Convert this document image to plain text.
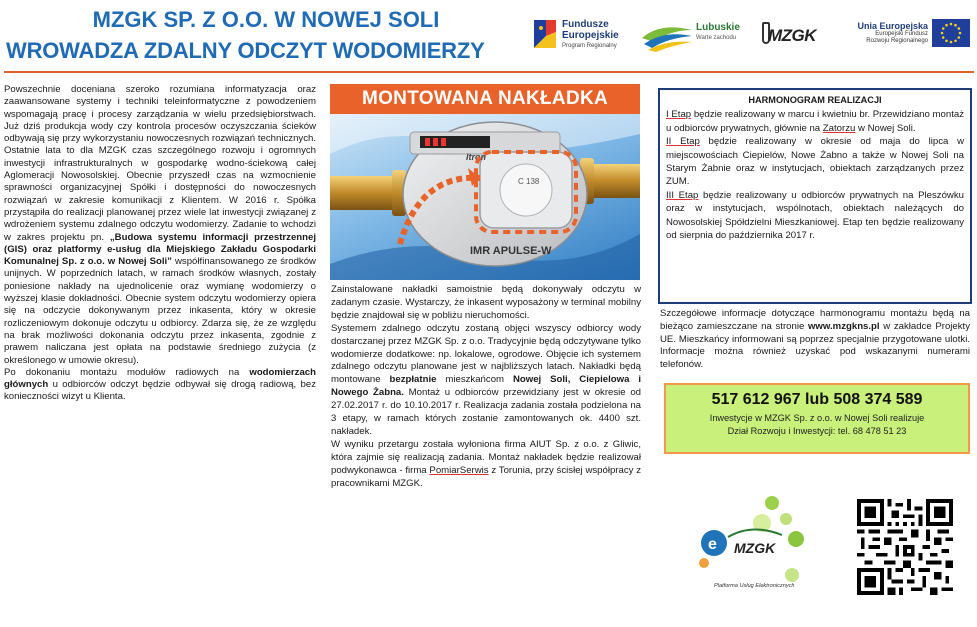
MZGK SP. Z O.O. W NOWEJ SOLI
WROWADZA ZDALNY ODCZYT WODOMIERZY
Fundusze
Europejskie
Program Regionalny
Lubuskie
Warte zachodu MZGK	Unia Europejska
Europejski Fundusz
Rozwoju Regionalnego

Powszechnie doceniana szeroko rozumiana informatyzacja oraz zaawansowane systemy i techniki teleinformatyczne z powodzeniem wspomagają pracę i procesy zarządzania w wielu przedsiębiorstwach. Już dziś produkcja wody czy kontrola procesów oczyszczania ścieków odbywają się przy wykorzystaniu nowoczesnych rozwiązań technicznych. Ostatnie lata to dla MZGK czas szczególnego rozwoju i ogromnych inwestycji infrastrukturalnych w gospodarkę wodno-ściekową całej Aglomeracji Nowosolskiej. Obecnie przyszedł czas na wzmocnienie sprawności organizacyjnej Spółki i dostępności do nowoczesnych rozwiązań w zakresie komunikacji z Klientem. W 2016 r. Spółka przystąpiła do realizacji planowanej przez wiele lat inwestycji związanej z wdrożeniem systemu zdalnego odczytu wodomierzy. Zadanie to wchodzi w zakres projektu pn. „Budowa systemu informacji przestrzennej (GIS) oraz platformy e-usług dla Miejskiego Zakładu Gospodarki Komunalnej Sp. z o.o. w Nowej Soli” współfinansowanego ze środków unijnych. W poprzednich latach, w ramach środków własnych, zostały poniesione nakłady na ujednolicenie oraz wymianę wodomierzy o wyższej klasie dokładności. Obecnie system odczytu wodomierzy opiera się na odczycie dokonywanym przez inkasenta, który w okresie rozliczeniowym dokonuje odczytu u odbiorcy. Zdarza się, że ze względu na brak możliwości dokonania odczytu przez inkasenta, zgodnie z prawem naliczana jest opłata na podstawie średniego zużycia (z określonego w umowie okresu).

Po dokonaniu montażu modułów radiowych na wodomierzach głównych u odbiorców odczyt będzie odbywał się drogą radiową, bez konieczności wizyt u Klienta.

MONTOWANA NAKŁADKA
C 138
Itron
IMR APULSE-W

Zainstalowane nakładki samoistnie będą dokonywały odczytu w zadanym czasie. Wystarczy, że inkasent wyposażony w terminal mobilny będzie znajdował się w pobliżu nieruchomości.

Systemem zdalnego odczytu zostaną objęci wszyscy odbiorcy wody dostarczanej przez MZGK Sp. z o.o. Tradycyjnie będą odczytywane tylko wodomierze dodatkowe: np. lokalowe, ogrodowe. Objęcie ich systemem zdalnego odczytu planowane jest w najbliższych latach. Nakładki będą montowane bezpłatnie mieszkańcom Nowej Soli, Ciepielowa i Nowego Żabna. Montaż u odbiorców przewidziany jest w okresie od 27.02.2017 r. do 10.10.2017 r. Realizacja zadania została podzielona na 3 etapy, w ramach których zostanie zamontowanych ok. 4400 szt. nakładek.

W wyniku przetargu została wyłoniona firma AIUT Sp. z o.o. z Gliwic, która zajmie się realizacją zadania. Montaż nakładek będzie realizował podwykonawca - firma PomiarSerwis z Torunia, przy ścisłej współpracy z pracownikami MZGK.

HARMONOGRAM REALIZACJI

I Etap będzie realizowany w marcu i kwietniu br. Przewidziano montaż u odbiorców prywatnych, głównie na Zatorzu w Nowej Soli.

II Etap będzie realizowany w okresie od maja do lipca w miejscowościach Ciepielów, Nowe Żabno a także w Nowej Soli na Starym Żabnie oraz w instytucjach, obiektach zarządzanych przez ZUM.

III Etap będzie realizowany u odbiorców prywatnych na Pleszówku oraz w instytucjach, wspólnotach, obiektach należących do Nowosolskiej Spółdzielni Mieszkaniowej. Etap ten będzie realizowany od sierpnia do października 2017 r.

Szczegółowe informacje dotyczące harmonogramu montażu będą na bieżąco zamieszczane na stronie www.mzgkns.pl w zakładce Projekty UE. Mieszkańcy informowani są poprzez specjalnie przygotowane ulotki. Informacje można również uzyskać pod wskazanymi numerami telefonów.
517 612 967 lub 508 374 589
Inwestycje w MZGK Sp. z o.o. w Nowej Soli realizuje
Dział Rozwoju i Inwestycji: tel. 68 478 51 23
e MZGK
Platforma Usług Elektronicznych
